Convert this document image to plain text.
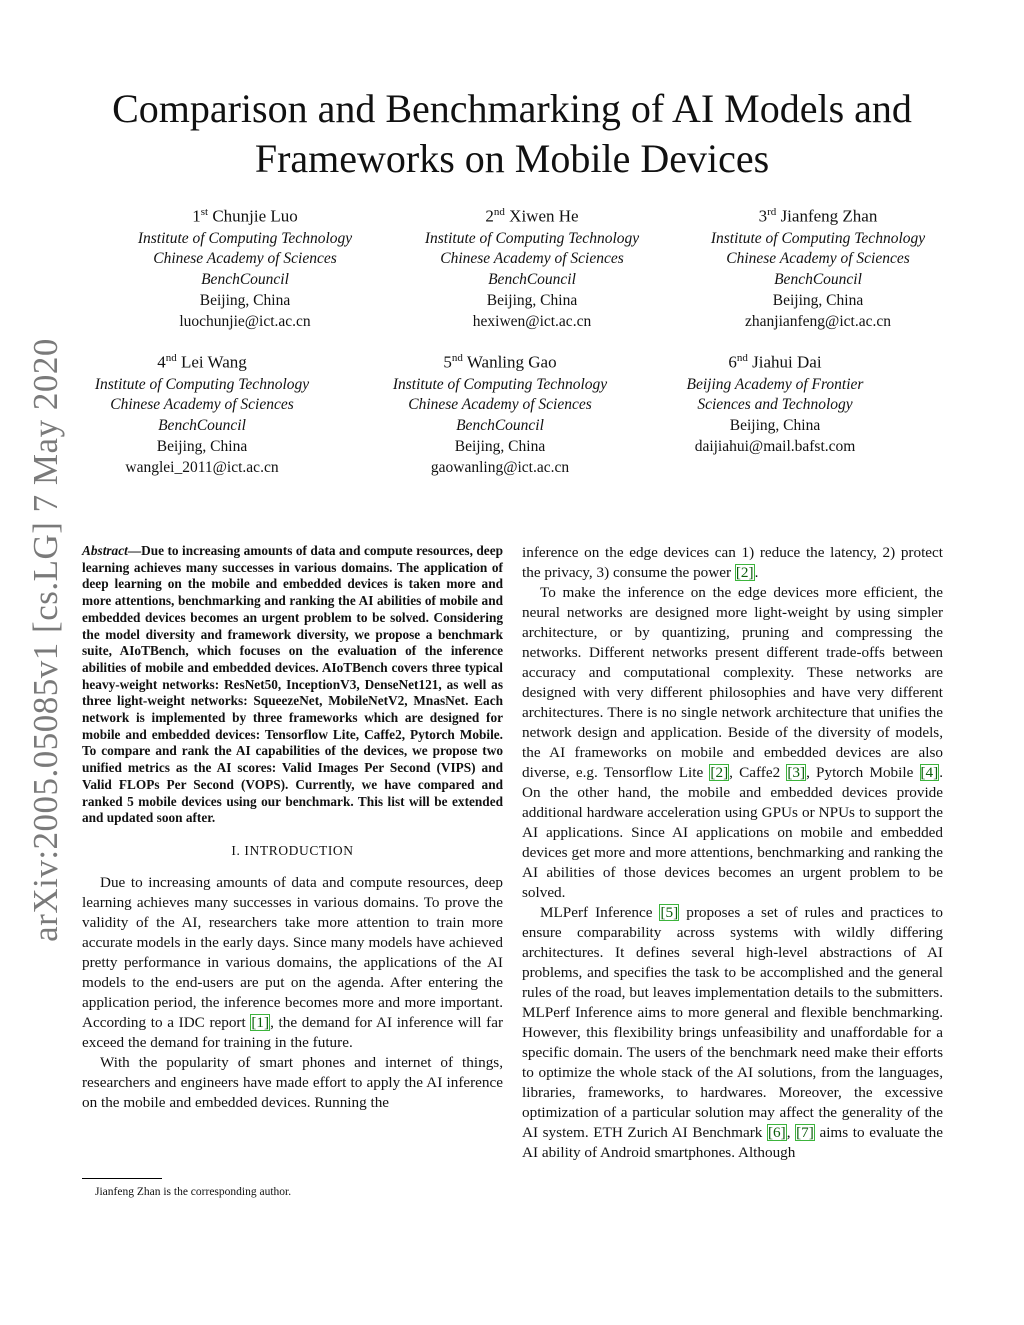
arXiv:2005.05085v1 [cs.LG] 7 May 2020
Comparison and Benchmarking of AI Models and Frameworks on Mobile Devices
1st Chunjie Luo
Institute of Computing Technology
Chinese Academy of Sciences
BenchCouncil
Beijing, China
luochunjie@ict.ac.cn
2nd Xiwen He
Institute of Computing Technology
Chinese Academy of Sciences
BenchCouncil
Beijing, China
hexiwen@ict.ac.cn
3rd Jianfeng Zhan
Institute of Computing Technology
Chinese Academy of Sciences
BenchCouncil
Beijing, China
zhanjianfeng@ict.ac.cn
4nd Lei Wang
Institute of Computing Technology
Chinese Academy of Sciences
BenchCouncil
Beijing, China
wanglei_2011@ict.ac.cn
5nd Wanling Gao
Institute of Computing Technology
Chinese Academy of Sciences
BenchCouncil
Beijing, China
gaowanling@ict.ac.cn
6nd Jiahui Dai
Beijing Academy of Frontier
Sciences and Technology
Beijing, China
daijiahui@mail.bafst.com

Abstract—Due to increasing amounts of data and compute resources, deep learning achieves many successes in various domains. The application of deep learning on the mobile and embedded devices is taken more and more attentions, benchmarking and ranking the AI abilities of mobile and embedded devices becomes an urgent problem to be solved. Considering the model diversity and framework diversity, we propose a benchmark suite, AIoTBench, which focuses on the evaluation of the inference abilities of mobile and embedded devices. AIoTBench covers three typical heavy-weight networks: ResNet50, InceptionV3, DenseNet121, as well as three light-weight networks: SqueezeNet, MobileNetV2, MnasNet. Each network is implemented by three frameworks which are designed for mobile and embedded devices: Tensorflow Lite, Caffe2, Pytorch Mobile. To compare and rank the AI capabilities of the devices, we propose two unified metrics as the AI scores: Valid Images Per Second (VIPS) and Valid FLOPs Per Second (VOPS). Currently, we have compared and ranked 5 mobile devices using our benchmark. This list will be extended and updated soon after.

I. INTRODUCTION

Due to increasing amounts of data and compute resources, deep learning achieves many successes in various domains. To prove the validity of the AI, researchers take more attention to train more accurate models in the early days. Since many models have achieved pretty performance in various domains, the applications of the AI models to the end-users are put on the agenda. After entering the application period, the inference becomes more and more important. According to a IDC report [1], the demand for AI inference will far exceed the demand for training in the future.

With the popularity of smart phones and internet of things, researchers and engineers have made effort to apply the AI inference on the mobile and embedded devices. Running the

inference on the edge devices can 1) reduce the latency, 2) protect the privacy, 3) consume the power [2].

To make the inference on the edge devices more efficient, the neural networks are designed more light-weight by using simpler architecture, or by quantizing, pruning and compressing the networks. Different networks present different trade-offs between accuracy and computational complexity. These networks are designed with very different philosophies and have very different architectures. There is no single network architecture that unifies the network design and application. Beside of the diversity of models, the AI frameworks on mobile and embedded devices are also diverse, e.g. Tensorflow Lite [2], Caffe2 [3], Pytorch Mobile [4]. On the other hand, the mobile and embedded devices provide additional hardware acceleration using GPUs or NPUs to support the AI applications. Since AI applications on mobile and embedded devices get more and more attentions, benchmarking and ranking the AI abilities of those devices becomes an urgent problem to be solved.

MLPerf Inference [5] proposes a set of rules and practices to ensure comparability across systems with wildly differing architectures. It defines several high-level abstractions of AI problems, and specifies the task to be accomplished and the general rules of the road, but leaves implementation details to the submitters. MLPerf Inference aims to more general and flexible benchmarking. However, this flexibility brings unfeasibility and unaffordable for a specific domain. The users of the benchmark need make their efforts to optimize the whole stack of the AI solutions, from the languages, libraries, frameworks, to hardwares. Moreover, the excessive optimization of a particular solution may affect the generality of the AI system. ETH Zurich AI Benchmark [6], [7] aims to evaluate the AI ability of Android smartphones. Although

Jianfeng Zhan is the corresponding author.
